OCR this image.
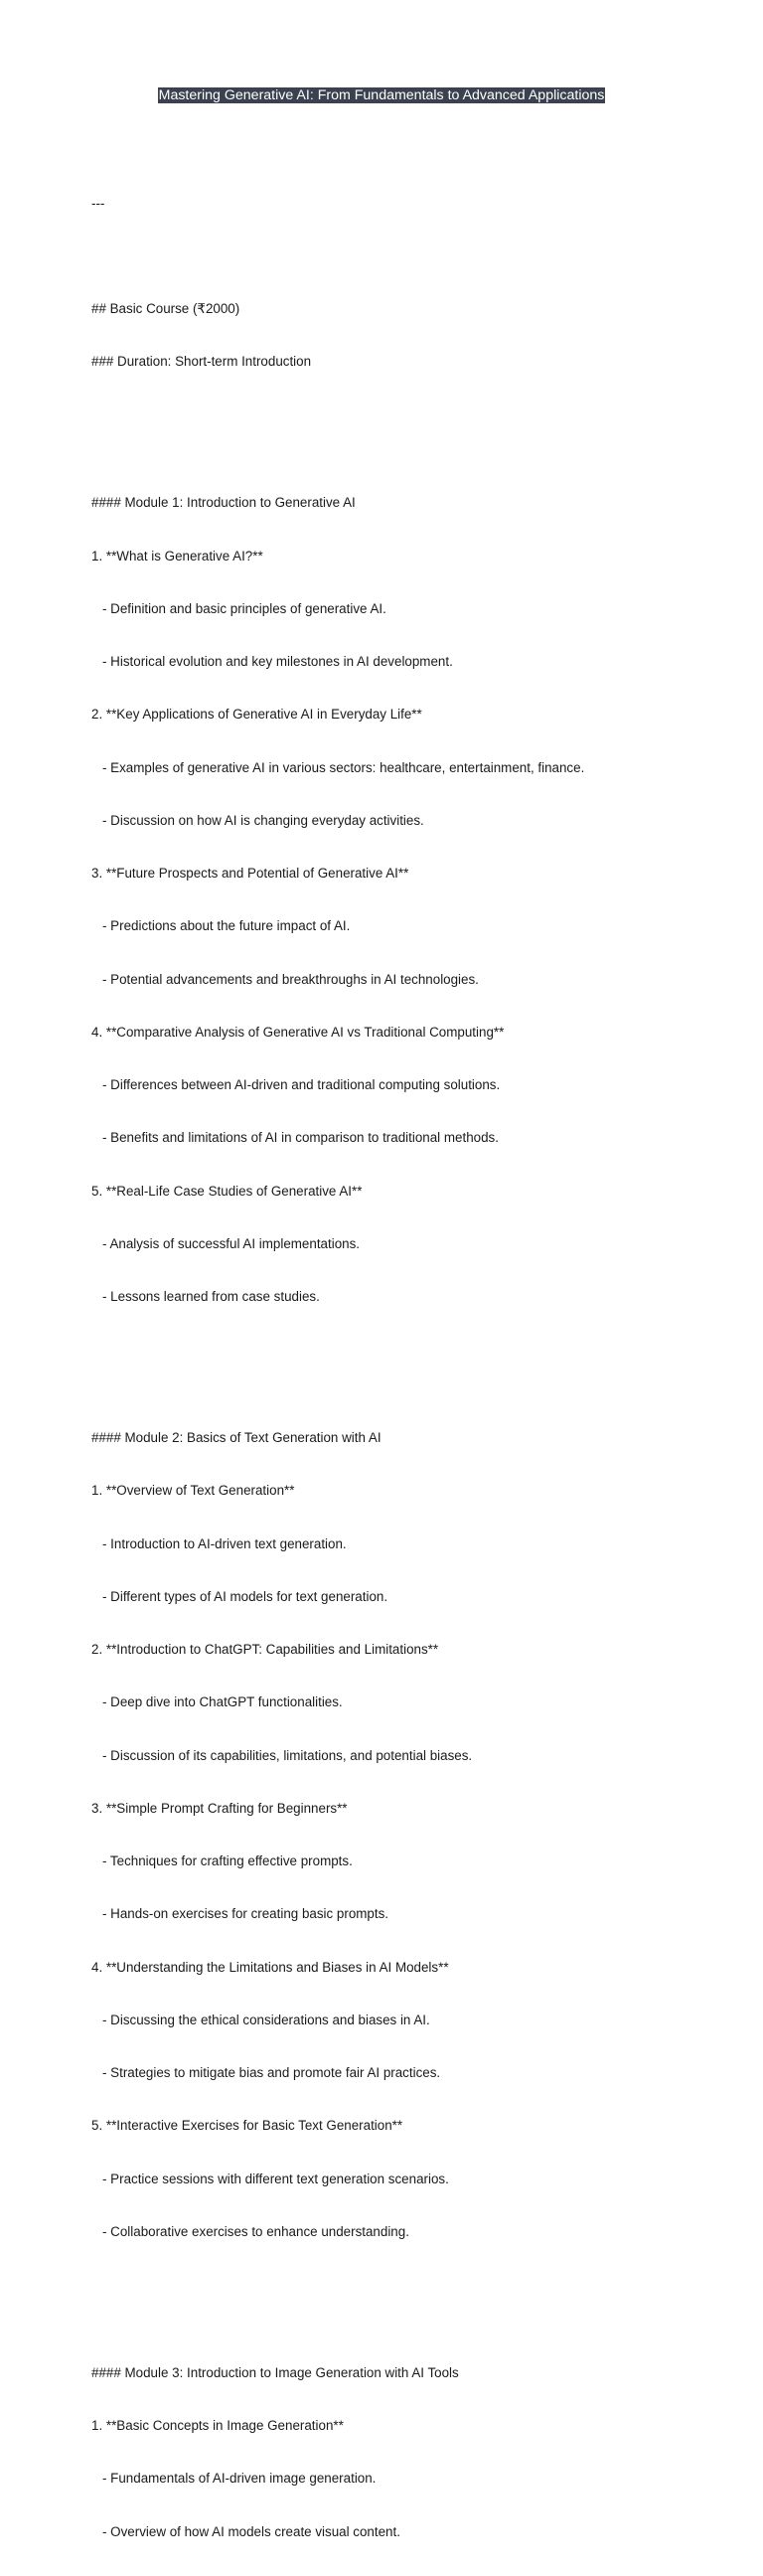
Mastering Generative AI: From Fundamentals to Advanced Applications

---

## Basic Course (₹2000)

### Duration: Short-term Introduction

#### Module 1: Introduction to Generative AI

1. **What is Generative AI?**

- Definition and basic principles of generative AI.

- Historical evolution and key milestones in AI development.

2. **Key Applications of Generative AI in Everyday Life**

- Examples of generative AI in various sectors: healthcare, entertainment, finance.

- Discussion on how AI is changing everyday activities.

3. **Future Prospects and Potential of Generative AI**

- Predictions about the future impact of AI.

- Potential advancements and breakthroughs in AI technologies.

4. **Comparative Analysis of Generative AI vs Traditional Computing**

- Differences between AI-driven and traditional computing solutions.

- Benefits and limitations of AI in comparison to traditional methods.

5. **Real-Life Case Studies of Generative AI**

- Analysis of successful AI implementations.

- Lessons learned from case studies.

#### Module 2: Basics of Text Generation with AI

1. **Overview of Text Generation**

- Introduction to AI-driven text generation.

- Different types of AI models for text generation.

2. **Introduction to ChatGPT: Capabilities and Limitations**

- Deep dive into ChatGPT functionalities.

- Discussion of its capabilities, limitations, and potential biases.

3. **Simple Prompt Crafting for Beginners**

- Techniques for crafting effective prompts.

- Hands-on exercises for creating basic prompts.

4. **Understanding the Limitations and Biases in AI Models**

- Discussing the ethical considerations and biases in AI.

- Strategies to mitigate bias and promote fair AI practices.

5. **Interactive Exercises for Basic Text Generation**

- Practice sessions with different text generation scenarios.

- Collaborative exercises to enhance understanding.

#### Module 3: Introduction to Image Generation with AI Tools

1. **Basic Concepts in Image Generation**

- Fundamentals of AI-driven image generation.

- Overview of how AI models create visual content.
